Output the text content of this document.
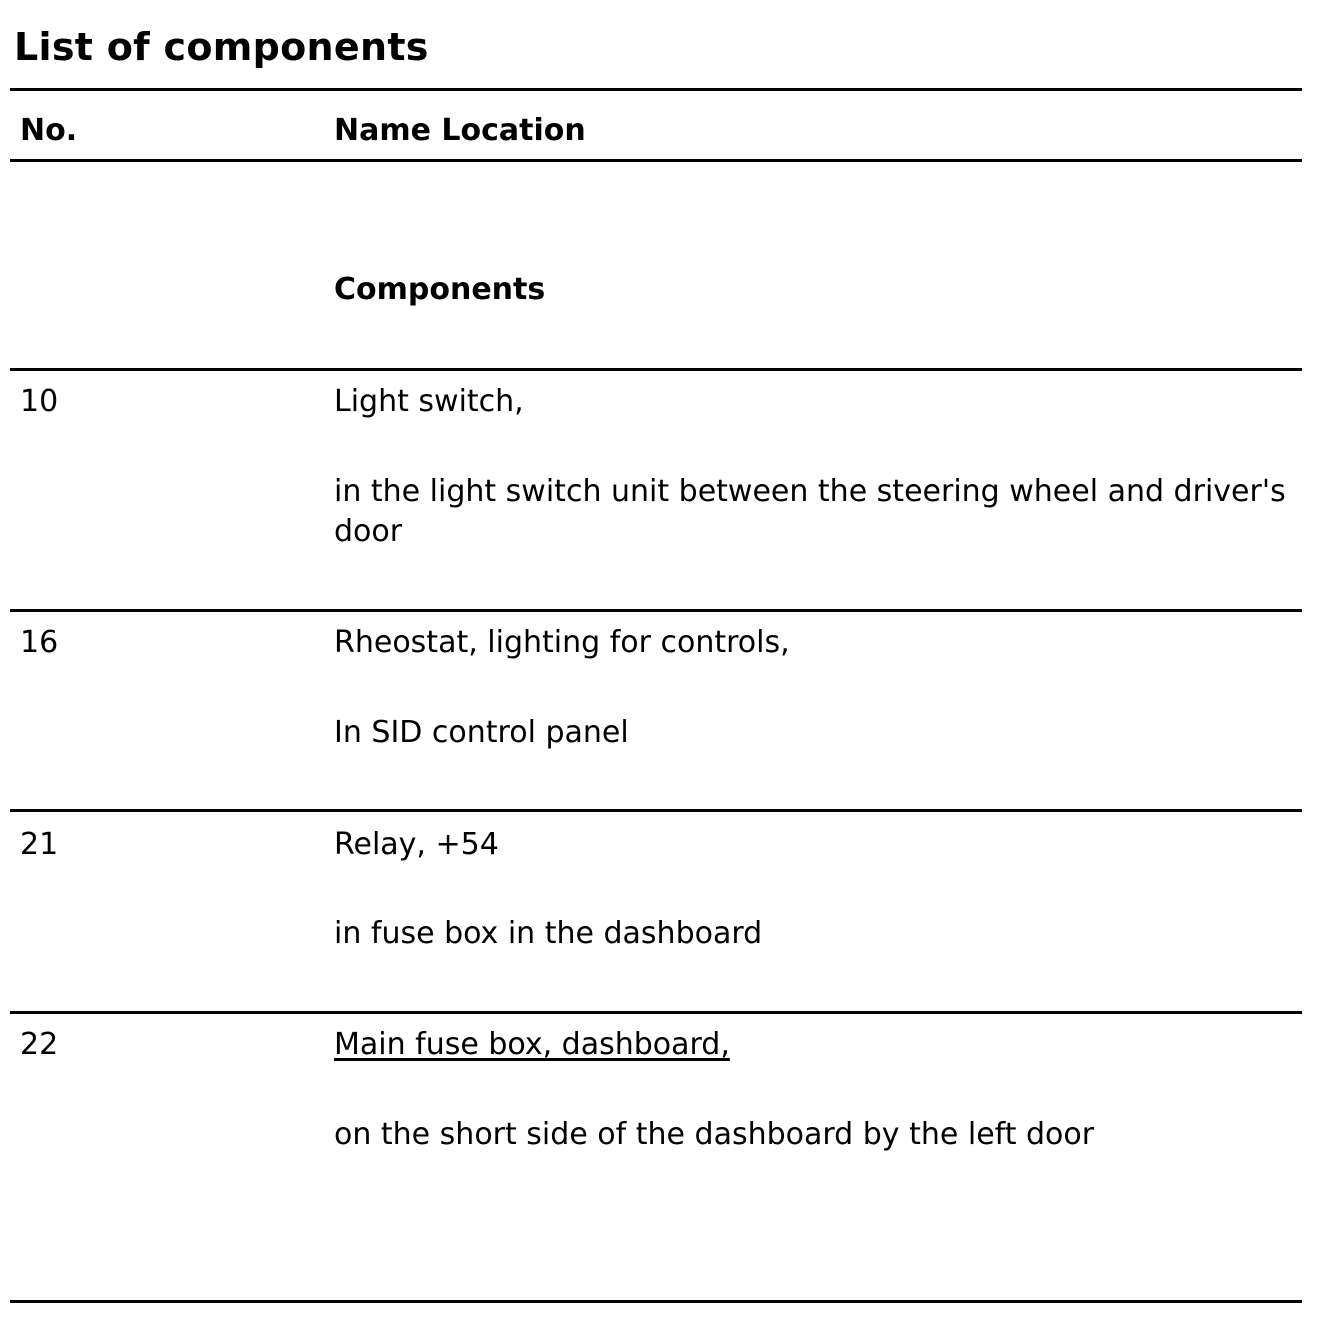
List of components
No.	Name Location
Components
10	Light switch,
in the light switch unit between the steering wheel and driver's door
16	Rheostat, lighting for controls,
In SID control panel
21	Relay, +54
in fuse box in the dashboard
22	Main fuse box, dashboard,
on the short side of the dashboard by the left door
